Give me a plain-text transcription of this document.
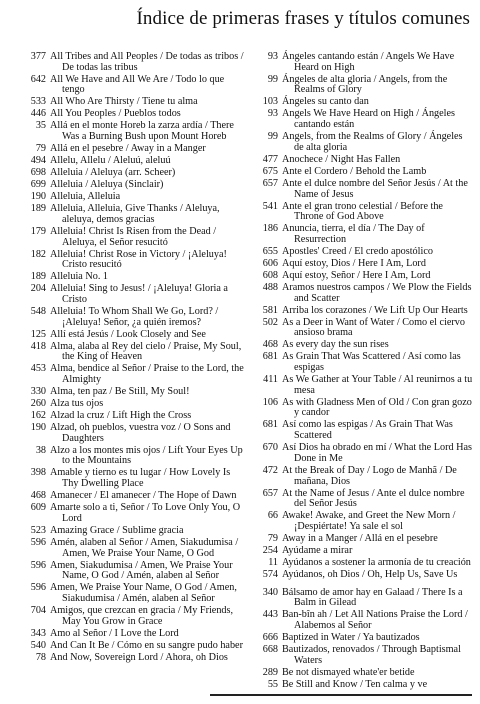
Índice de primeras frases y títulos comunes
377 All Tribes and All Peoples / De todas as tribos / De todas las tribus
642 All We Have and All We Are / Todo lo que tengo
533 All Who Are Thirsty / Tiene tu alma
446 All You Peoples / Pueblos todos
35 Allá en el monte Horeb la zarza ardía / There Was a Burning Bush upon Mount Horeb
79 Allá en el pesebre / Away in a Manger
494 Allelu, Allelu / Aleluú, aleluú
698 Alleluia / Aleluya (arr. Scheer)
699 Alleluia / Aleluya (Sinclair)
190 Alleluia, Alleluia
189 Alleluia, Alleluia, Give Thanks / Aleluya, aleluya, demos gracias
179 Alleluia! Christ Is Risen from the Dead / Aleluya, el Señor resucitó
182 Alleluia! Christ Rose in Victory / ¡Aleluya! Cristo resucitó
189 Alleluia No. 1
204 Alleluia! Sing to Jesus! / ¡Aleluya! Gloria a Cristo
548 Alleluia! To Whom Shall We Go, Lord? / ¡Aleluya! Señor, ¿a quién iremos?
125 Allí está Jesús / Look Closely and See
418 Alma, alaba al Rey del cielo / Praise, My Soul, the King of Heaven
453 Alma, bendice al Señor / Praise to the Lord, the Almighty
330 Alma, ten paz / Be Still, My Soul!
260 Alza tus ojos
162 Alzad la cruz / Lift High the Cross
190 Alzad, oh pueblos, vuestra voz / O Sons and Daughters
38 Alzo a los montes mis ojos / Lift Your Eyes Up to the Mountains
398 Amable y tierno es tu lugar / How Lovely Is Thy Dwelling Place
468 Amanecer / El amanecer / The Hope of Dawn
609 Amarte solo a ti, Señor / To Love Only You, O Lord
523 Amazing Grace / Sublime gracia
596 Amén, alaben al Señor / Amen, Siakudumisa / Amen, We Praise Your Name, O God
596 Amen, Siakudumisa / Amen, We Praise Your Name, O God / Amén, alaben al Señor
596 Amen, We Praise Your Name, O God / Amen, Siakudumisa / Amén, alaben al Señor
704 Amigos, que crezcan en gracia / My Friends, May You Grow in Grace
343 Amo al Señor / I Love the Lord
540 And Can It Be / Cómo en su sangre pudo haber
78 And Now, Sovereign Lord / Ahora, oh Dios
93 Ángeles cantando están / Angels We Have Heard on High
99 Ángeles de alta gloria / Angels, from the Realms of Glory
103 Ángeles su canto dan
93 Angels We Have Heard on High / Ángeles cantando están
99 Angels, from the Realms of Glory / Ángeles de alta gloria
477 Anochece / Night Has Fallen
675 Ante el Cordero / Behold the Lamb
657 Ante el dulce nombre del Señor Jesús / At the Name of Jesus
541 Ante el gran trono celestial / Before the Throne of God Above
186 Anuncia, tierra, el día / The Day of Resurrection
655 Apostles' Creed / El credo apostólico
606 Aquí estoy, Dios / Here I Am, Lord
608 Aquí estoy, Señor / Here I Am, Lord
488 Aramos nuestros campos / We Plow the Fields and Scatter
581 Arriba los corazones / We Lift Up Our Hearts
502 As a Deer in Want of Water / Como el ciervo ansioso brama
468 As every day the sun rises
681 As Grain That Was Scattered / Así como las espigas
411 As We Gather at Your Table / Al reunirnos a tu mesa
106 As with Gladness Men of Old / Con gran gozo y candor
681 Así como las espigas / As Grain That Was Scattered
670 Así Dios ha obrado en mí / What the Lord Has Done in Me
472 At the Break of Day / Logo de Manhã / De mañana, Dios
657 At the Name of Jesus / Ante el dulce nombre del Señor Jesús
66 Awake! Awake, and Greet the New Morn / ¡Despiértate! Ya sale el sol
79 Away in a Manger / Allá en el pesebre
254 Ayúdame a mirar
11 Ayúdanos a sostener la armonía de tu creación
574 Ayúdanos, oh Dios / Oh, Help Us, Save Us
340 Bálsamo de amor hay en Galaad / There Is a Balm in Gilead
443 Ban-bîn ah / Let All Nations Praise the Lord / Alabemos al Señor
666 Baptized in Water / Ya bautizados
668 Bautizados, renovados / Through Baptismal Waters
289 Be not dismayed whate'er betide
55 Be Still and Know / Ten calma y ve
